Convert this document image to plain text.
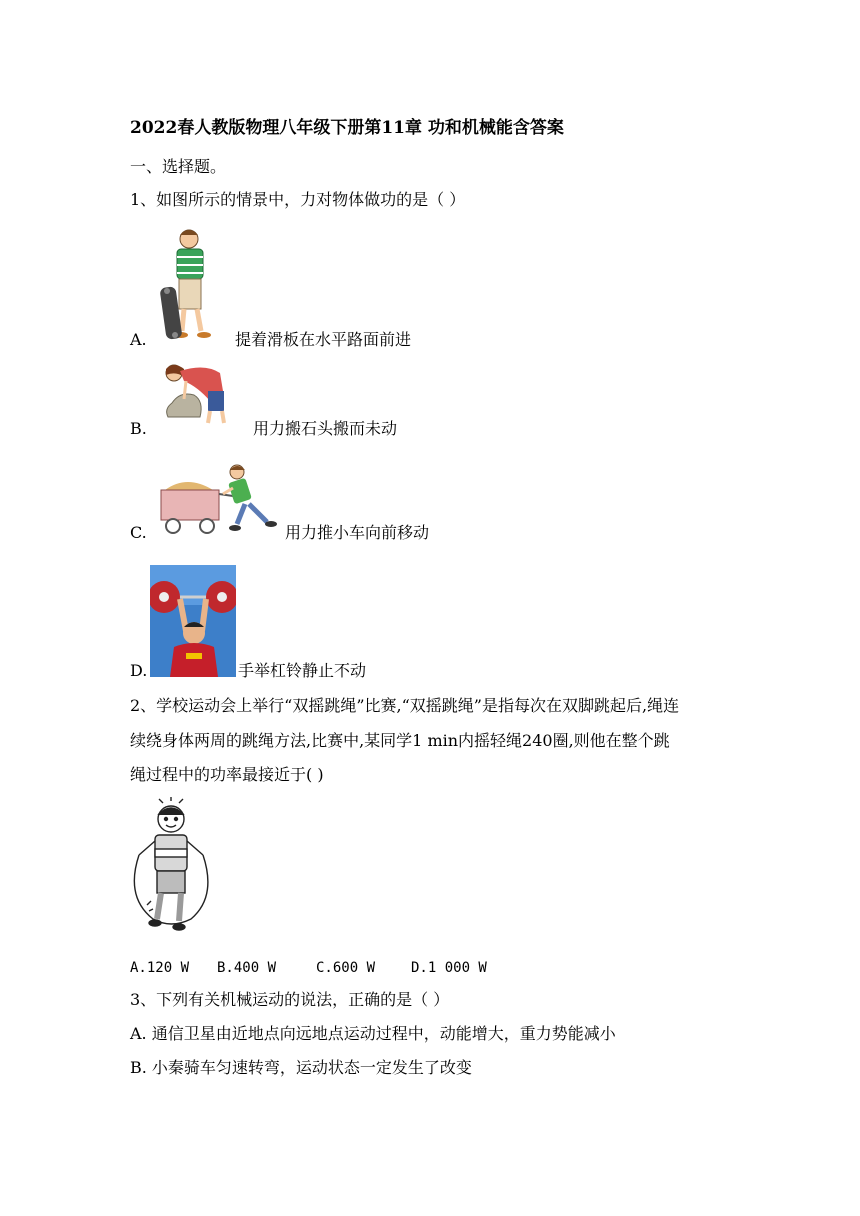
2022春人教版物理八年级下册第11章 功和机械能含答案
一、选择题。
1、如图所示的情景中，力对物体做功的是（ ）
A.	提着滑板在水平路面前进
B.	用力搬石头搬而未动
C.	用力推小车向前移动
D.	手举杠铃静止不动
2、学校运动会上举行“双摇跳绳”比赛,“双摇跳绳”是指每次在双脚跳起后,绳连
续绕身体两周的跳绳方法,比赛中,某同学1 min内摇轻绳240圈,则他在整个跳
绳过程中的功率最接近于( )
A.120 W B.400 W	C.600 W	D.1 000 W
3、下列有关机械运动的说法，正确的是（ ）
A. 通信卫星由近地点向远地点运动过程中，动能增大，重力势能减小
B. 小秦骑车匀速转弯，运动状态一定发生了改变
